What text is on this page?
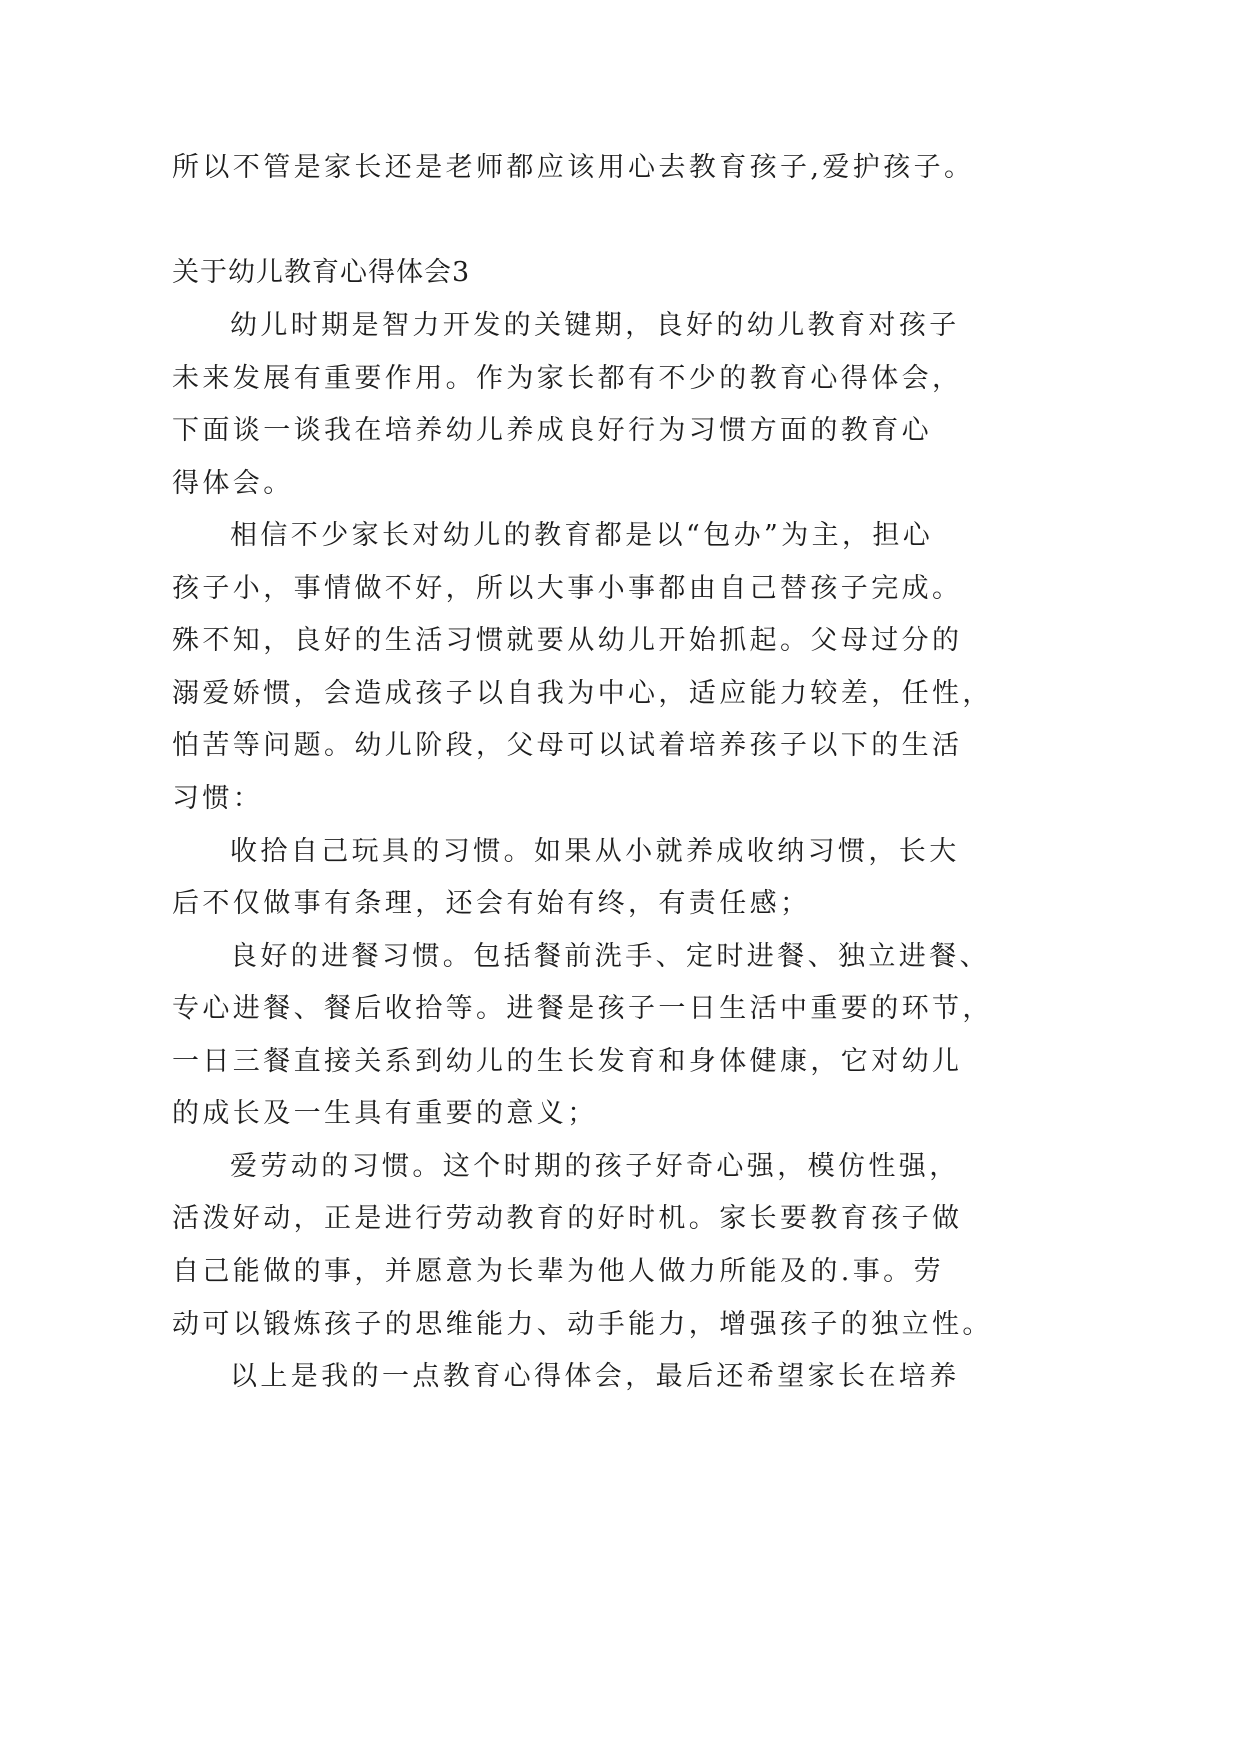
所以不管是家长还是老师都应该用心去教育孩子,爱护孩子。

关于幼儿教育心得体会3

幼儿时期是智力开发的关键期，良好的幼儿教育对孩子

未来发展有重要作用。作为家长都有不少的教育心得体会，

下面谈一谈我在培养幼儿养成良好行为习惯方面的教育心

得体会。

相信不少家长对幼儿的教育都是以“包办”为主，担心

孩子小，事情做不好，所以大事小事都由自己替孩子完成。

殊不知，良好的生活习惯就要从幼儿开始抓起。父母过分的

溺爱娇惯，会造成孩子以自我为中心，适应能力较差，任性，

怕苦等问题。幼儿阶段，父母可以试着培养孩子以下的生活

习惯：

收拾自己玩具的习惯。如果从小就养成收纳习惯，长大

后不仅做事有条理，还会有始有终，有责任感；

良好的进餐习惯。包括餐前洗手、定时进餐、独立进餐、

专心进餐、餐后收拾等。进餐是孩子一日生活中重要的环节，

一日三餐直接关系到幼儿的生长发育和身体健康，它对幼儿

的成长及一生具有重要的意义；

爱劳动的习惯。这个时期的孩子好奇心强，模仿性强，

活泼好动，正是进行劳动教育的好时机。家长要教育孩子做

自己能做的事，并愿意为长辈为他人做力所能及的.事。劳

动可以锻炼孩子的思维能力、动手能力，增强孩子的独立性。

以上是我的一点教育心得体会，最后还希望家长在培养
